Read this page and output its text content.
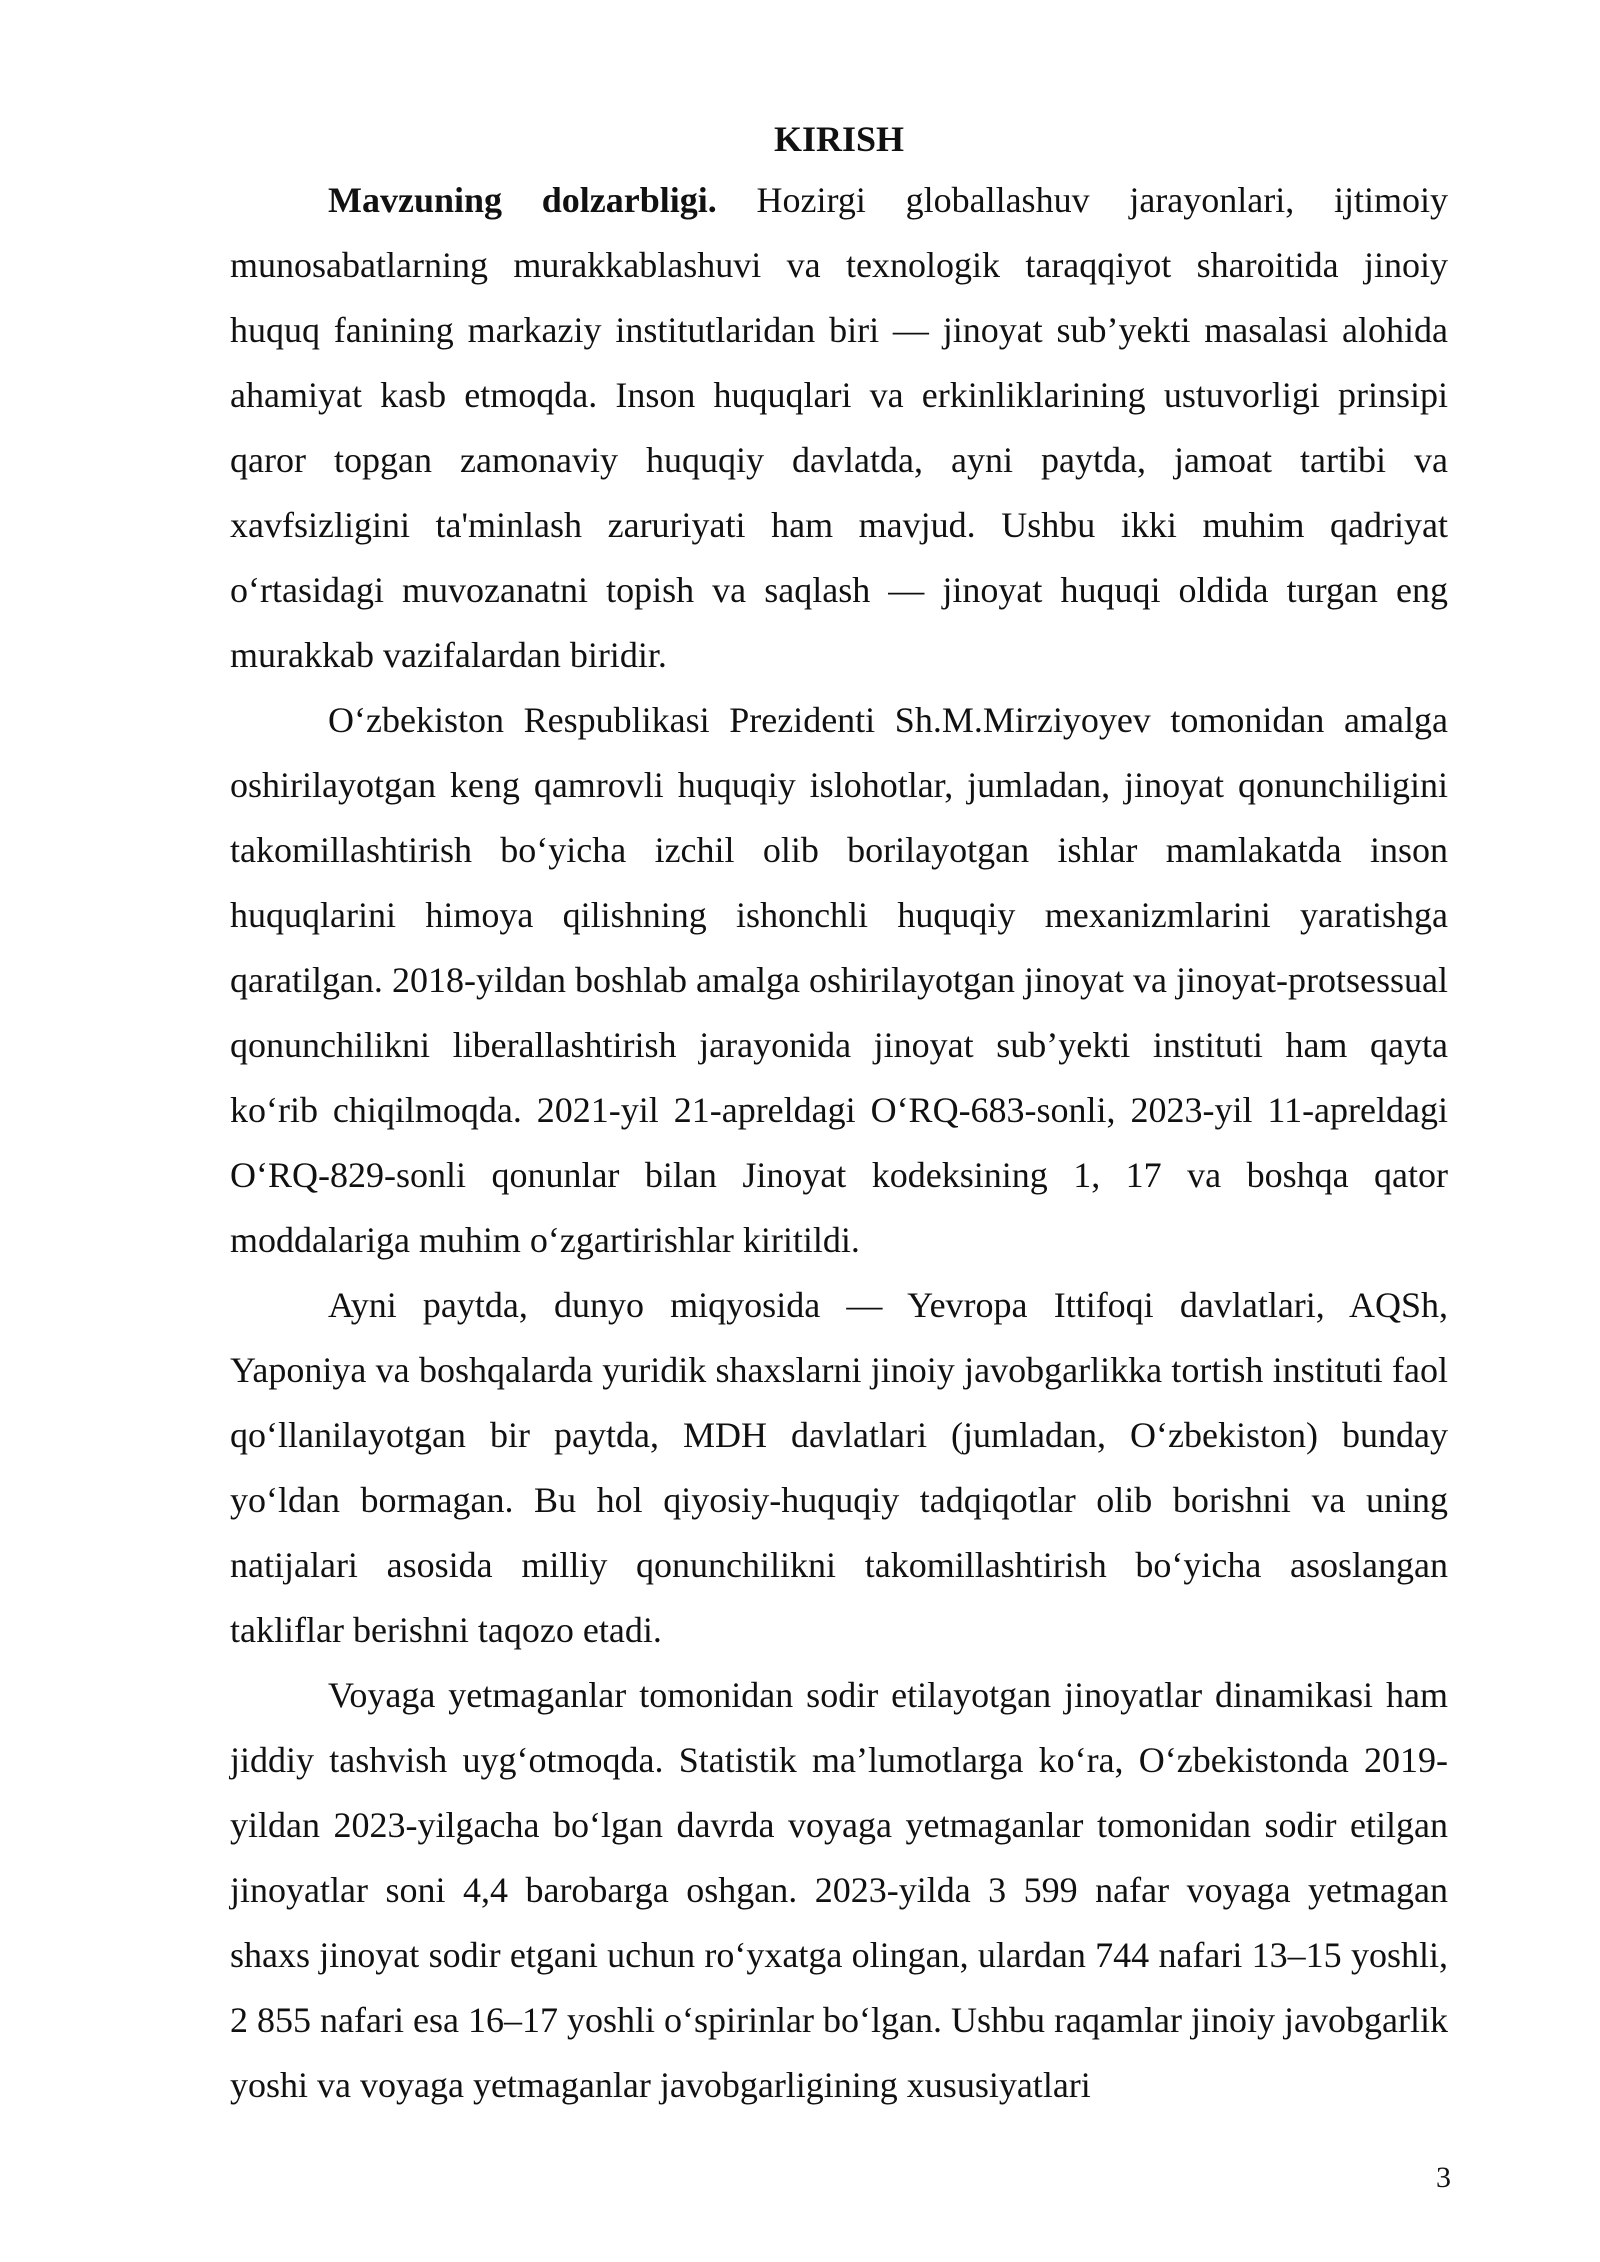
KIRISH

Mavzuning dolzarbligi. Hozirgi globallashuv jarayonlari, ijtimoiy munosabatlarning murakkablashuvi va texnologik taraqqiyot sharoitida jinoiy huquq fanining markaziy institutlaridan biri — jinoyat sub’yekti masalasi alohida ahamiyat kasb etmoqda. Inson huquqlari va erkinliklarining ustuvorligi prinsipi qaror topgan zamonaviy huquqiy davlatda, ayni paytda, jamoat tartibi va xavfsizligini ta'minlash zaruriyati ham mavjud. Ushbu ikki muhim qadriyat oʻrtasidagi muvozanatni topish va saqlash — jinoyat huquqi oldida turgan eng murakkab vazifalardan biridir.

Oʻzbekiston Respublikasi Prezidenti Sh.M.Mirziyoyev tomonidan amalga oshirilayotgan keng qamrovli huquqiy islohotlar, jumladan, jinoyat qonunchiligini takomillashtirish boʻyicha izchil olib borilayotgan ishlar mamlakatda inson huquqlarini himoya qilishning ishonchli huquqiy mexanizmlarini yaratishga qaratilgan. 2018-yildan boshlab amalga oshirilayotgan jinoyat va jinoyat-protsessual qonunchilikni liberallashtirish jarayonida jinoyat sub’yekti instituti ham qayta koʻrib chiqilmoqda. 2021-yil 21-apreldagi OʻRQ-683-sonli, 2023-yil 11-apreldagi OʻRQ-829-sonli qonunlar bilan Jinoyat kodeksining 1, 17 va boshqa qator moddalariga muhim oʻzgartirishlar kiritildi.

Ayni paytda, dunyo miqyosida — Yevropa Ittifoqi davlatlari, AQSh, Yaponiya va boshqalarda yuridik shaxslarni jinoiy javobgarlikka tortish instituti faol qoʻllanilayotgan bir paytda, MDH davlatlari (jumladan, Oʻzbekiston) bunday yoʻldan bormagan. Bu hol qiyosiy-huquqiy tadqiqotlar olib borishni va uning natijalari asosida milliy qonunchilikni takomillashtirish boʻyicha asoslangan takliflar berishni taqozo etadi.

Voyaga yetmaganlar tomonidan sodir etilayotgan jinoyatlar dinamikasi ham jiddiy tashvish uygʻotmoqda. Statistik ma’lumotlarga koʻra, Oʻzbekistonda 2019-yildan 2023-yilgacha boʻlgan davrda voyaga yetmaganlar tomonidan sodir etilgan jinoyatlar soni 4,4 barobarga oshgan. 2023-yilda 3 599 nafar voyaga yetmagan shaxs jinoyat sodir etgani uchun roʻyxatga olingan, ulardan 744 nafari 13–15 yoshli, 2 855 nafari esa 16–17 yoshli oʻspirinlar boʻlgan. Ushbu raqamlar jinoiy javobgarlik yoshi va voyaga yetmaganlar javobgarligining xususiyatlari

3
